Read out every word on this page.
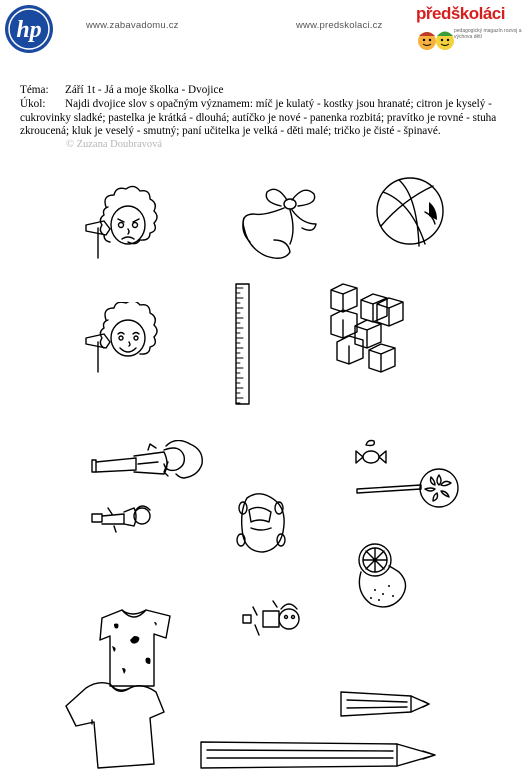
hp	www.zabavadomu.cz	www.predskolaci.cz
předškoláci
pedagogický magazín rozvoj a výchova dětí
Téma:	Září 1t - Já a moje školka - Dvojice
Úkol:	Najdi dvojice slov s opačným významem: míč je kulatý - kostky jsou hranaté; citron je kyselý - cukrovinky sladké; pastelka je krátká - dlouhá; autíčko je nové - panenka rozbitá; pravítko je rovné - stuha zkroucená; kluk je veselý - smutný; paní učitelka je velká - děti malé; tričko je čisté - špinavé.
© Zuzana Doubravová
